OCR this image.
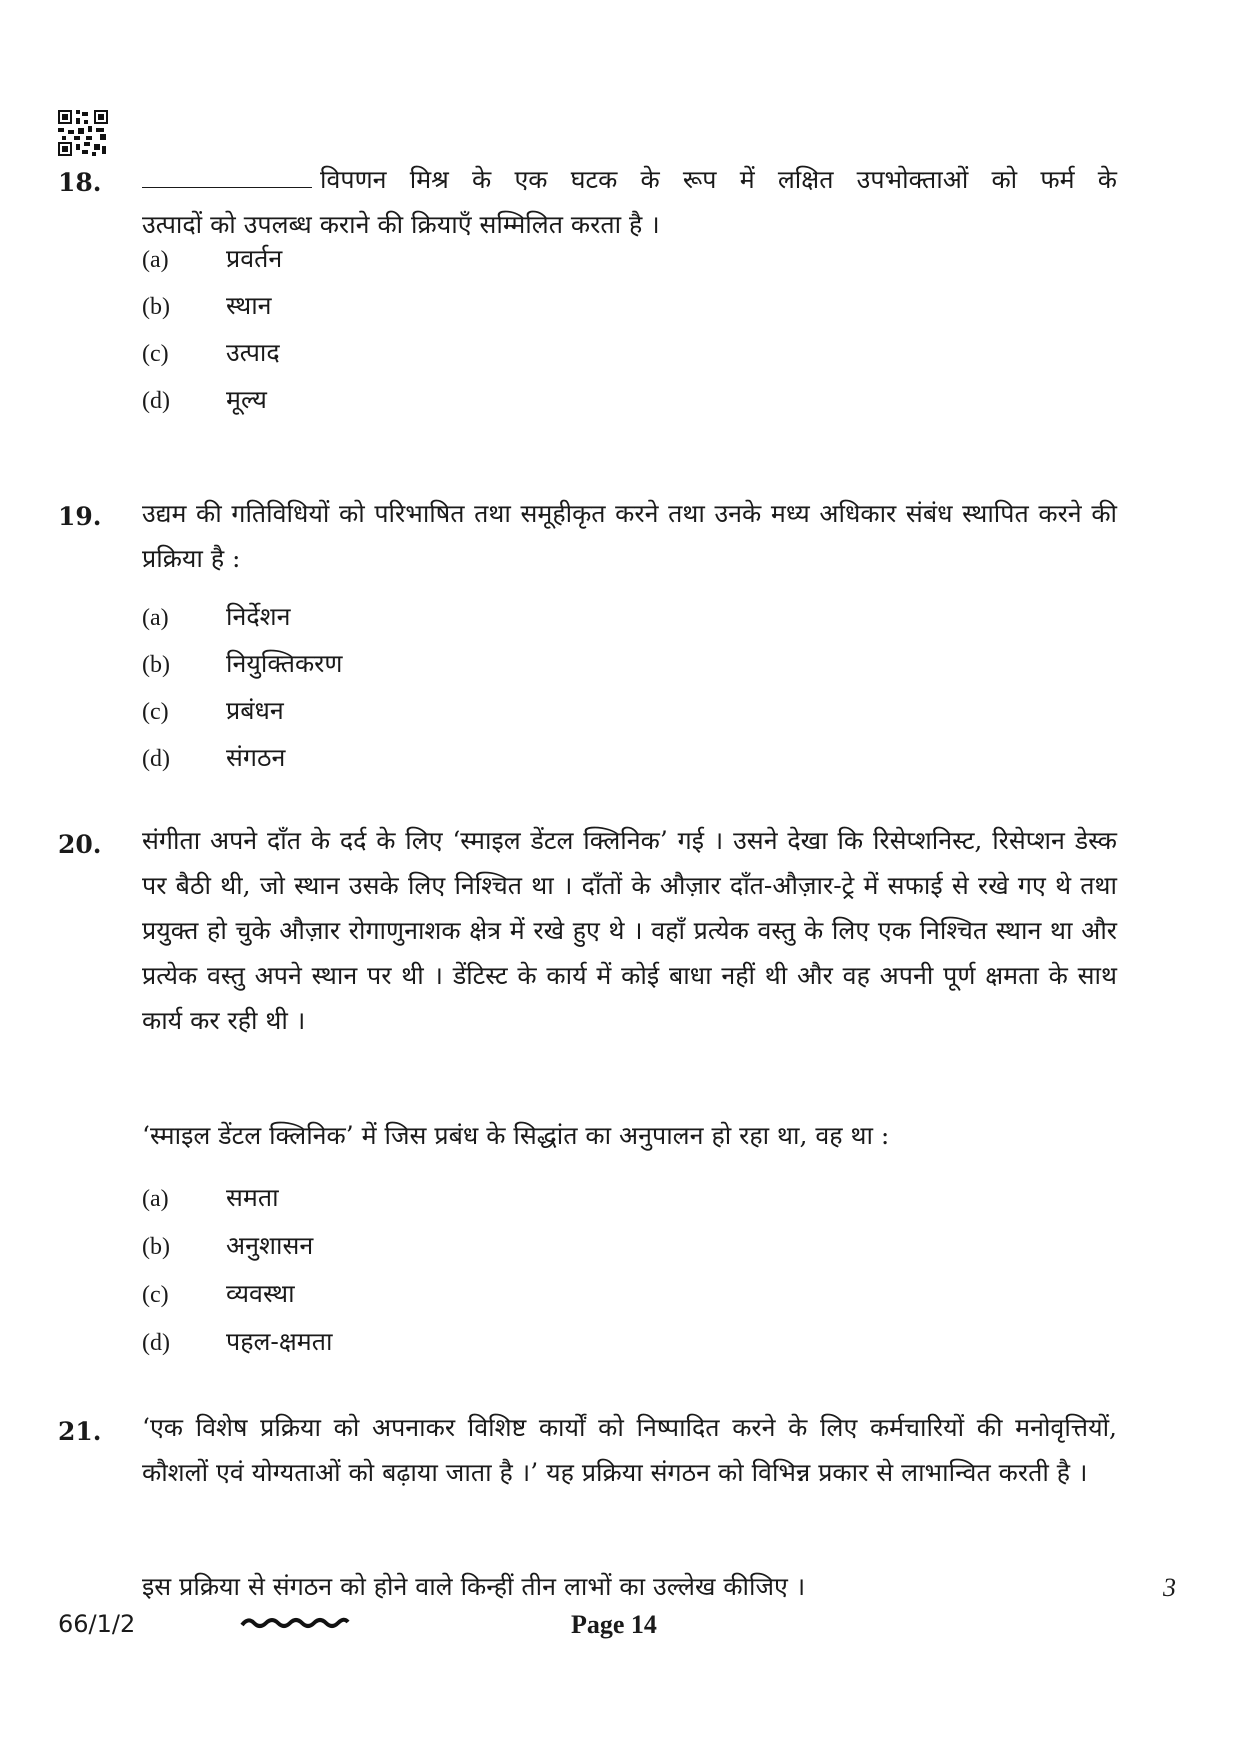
18.	विपणन मिश्र के एक घटक के रूप में लक्षित उपभोक्ताओं को फर्म के
उत्पादों को उपलब्ध कराने की क्रियाएँ सम्मिलित करता है ।
(a) प्रवर्तन
(b) स्थान
(c) उत्पाद
(d) मूल्य
19. उद्यम की गतिविधियों को परिभाषित तथा समूहीकृत करने तथा उनके मध्य अधिकार संबंध स्थापित करने की प्रक्रिया है :
(a) निर्देशन
(b) नियुक्तिकरण
(c) प्रबंधन
(d) संगठन
20. संगीता अपने दाँत के दर्द के लिए ‘स्माइल डेंटल क्लिनिक’ गई । उसने देखा कि रिसेप्शनिस्ट, रिसेप्शन डेस्क पर बैठी थी, जो स्थान उसके लिए निश्चित था । दाँतों के औज़ार दाँत-औज़ार-ट्रे में सफाई से रखे गए थे तथा प्रयुक्त हो चुके औज़ार रोगाणुनाशक क्षेत्र में रखे हुए थे । वहाँ प्रत्येक वस्तु के लिए एक निश्चित स्थान था और प्रत्येक वस्तु अपने स्थान पर थी । डेंटिस्ट के कार्य में कोई बाधा नहीं थी और वह अपनी पूर्ण क्षमता के साथ कार्य कर रही थी ।
‘स्माइल डेंटल क्लिनिक’ में जिस प्रबंध के सिद्धांत का अनुपालन हो रहा था, वह था :
(a) समता
(b) अनुशासन
(c) व्यवस्था
(d) पहल-क्षमता
21. ‘एक विशेष प्रक्रिया को अपनाकर विशिष्ट कार्यों को निष्पादित करने के लिए कर्मचारियों की मनोवृत्तियों, कौशलों एवं योग्यताओं को बढ़ाया जाता है ।’ यह प्रक्रिया संगठन को विभिन्न प्रकार से लाभान्वित करती है ।
इस प्रक्रिया से संगठन को होने वाले किन्हीं तीन लाभों का उल्लेख कीजिए ।	3
66/1/2	Page 14
